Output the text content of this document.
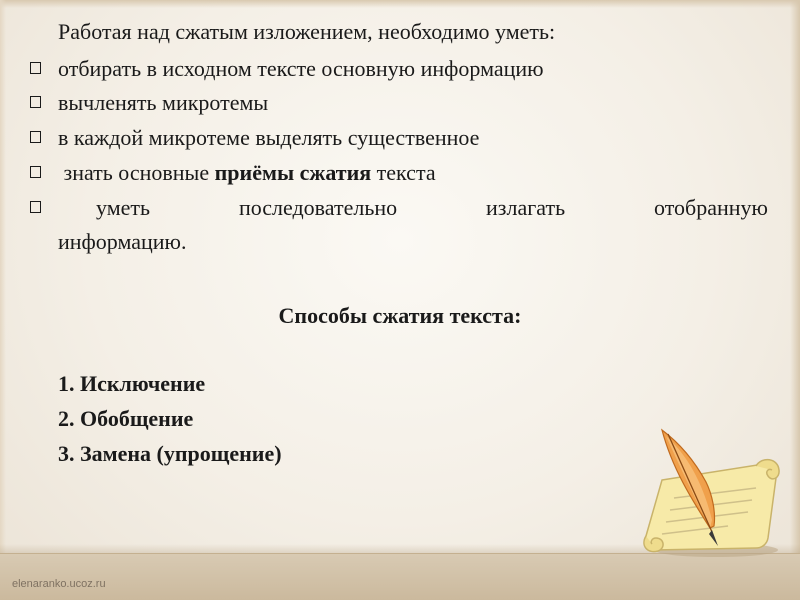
Работая над сжатым изложением, необходимо уметь:
отбирать в исходном тексте основную информацию
вычленять микротемы
в каждой микротеме выделять существенное
знать основные приёмы сжатия текста
уметь	последовательно	излагать	отобранную
информацию.
Способы сжатия текста:
1. Исключение
2. Обобщение
3. Замена (упрощение)
elenaranko.ucoz.ru
